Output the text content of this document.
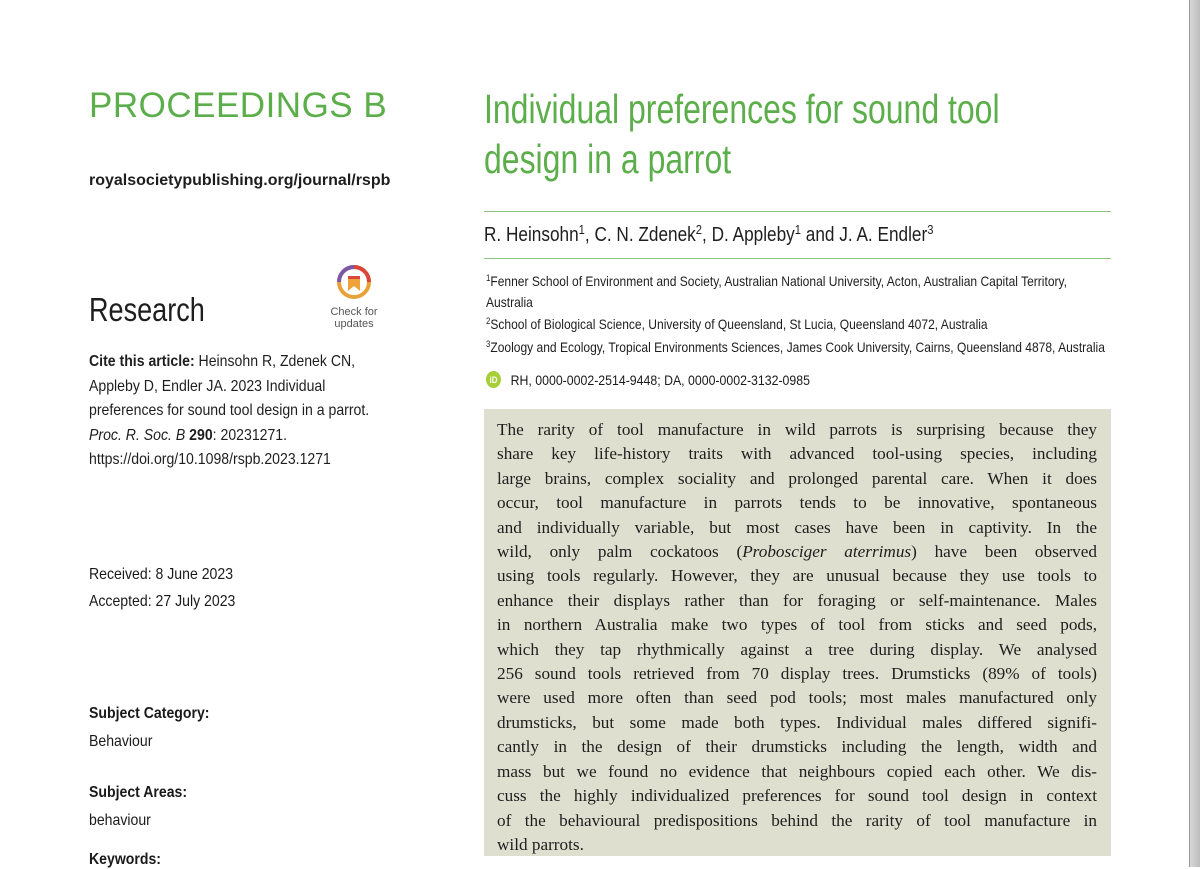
PROCEEDINGS B
royalsocietypublishing.org/journal/rspb
Check for updates
Research
Cite this article: Heinsohn R, Zdenek CN, Appleby D, Endler JA. 2023 Individual preferences for sound tool design in a parrot. Proc. R. Soc. B 290: 20231271.
https://doi.org/10.1098/rspb.2023.1271
Received: 8 June 2023
Accepted: 27 July 2023
Subject Category:
Behaviour
Subject Areas:
behaviour
Keywords:
Individual preferences for sound tool
design in a parrot
R. Heinsohn$^1$, C. N. Zdenek$^2$, D. Appleby$^1$ and J. A. Endler$^3$
$^1$Fenner School of Environment and Society, Australian National University, Acton, Australian Capital Territory,
Australia
$^2$School of Biological Science, University of Queensland, St Lucia, Queensland 4072, Australia
$^3$Zoology and Ecology, Tropical Environments Sciences, James Cook University, Cairns, Queensland 4878, Australia
iD RH, 0000-0002-2514-9448; DA, 0000-0002-3132-0985
The rarity of tool manufacture in wild parrots is surprising because they
share key life-history traits with advanced tool-using species, including
large brains, complex sociality and prolonged parental care. When it does
occur, tool manufacture in parrots tends to be innovative, spontaneous
and individually variable, but most cases have been in captivity. In the
wild, only palm cockatoos (Probosciger aterrimus) have been observed
using tools regularly. However, they are unusual because they use tools to
enhance their displays rather than for foraging or self-maintenance. Males
in northern Australia make two types of tool from sticks and seed pods,
which they tap rhythmically against a tree during display. We analysed
256 sound tools retrieved from 70 display trees. Drumsticks (89% of tools)
were used more often than seed pod tools; most males manufactured only
drumsticks, but some made both types. Individual males differed signifi-
cantly in the design of their drumsticks including the length, width and
mass but we found no evidence that neighbours copied each other. We dis-
cuss the highly individualized preferences for sound tool design in context
of the behavioural predispositions behind the rarity of tool manufacture in
wild parrots.
